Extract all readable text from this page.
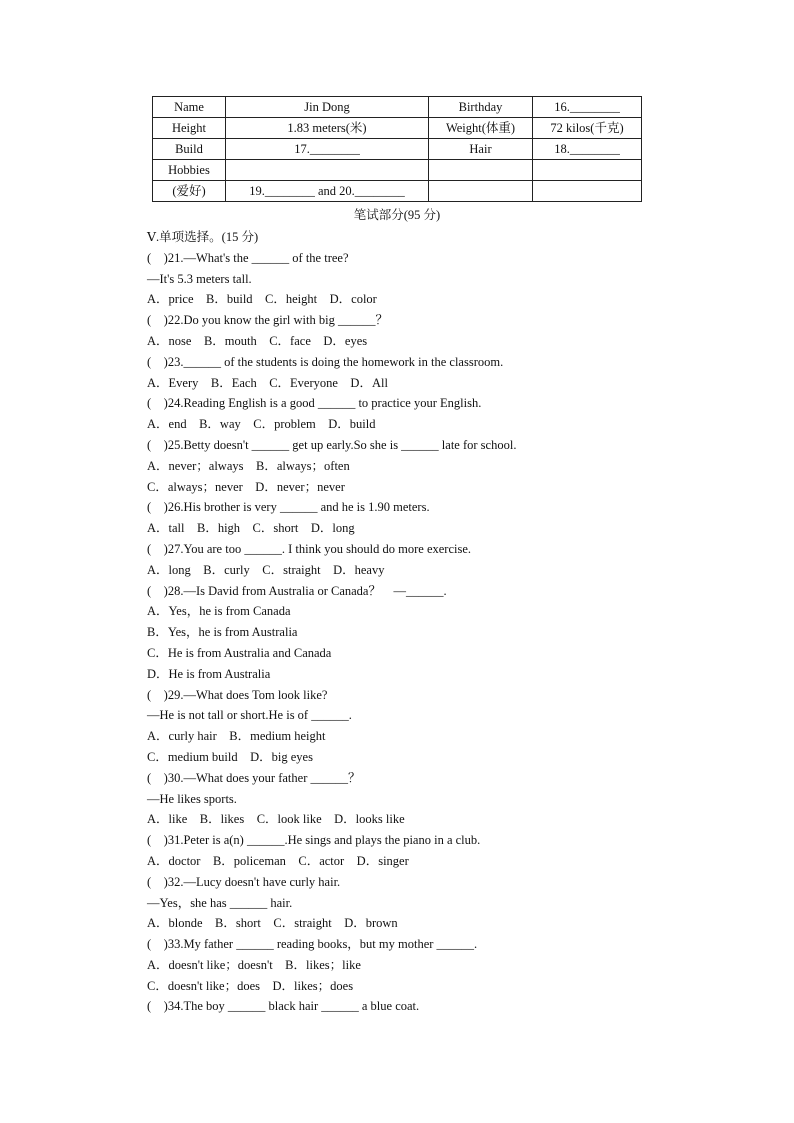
Name	Jin Dong	Birthday	16.________
Height	1.83 meters(米)	Weight(体重)	72 kilos(千克)
Build	17.________	Hair	18.________
Hobbies			
(爱好)	19.________ and 20.________		
笔试部分(95 分)
Ⅴ.单项选择。(15 分)
(　)21.—What's the ______ of the tree?
—It's 5.3 meters tall.
A．price　B．build　C．height　D．color
(　)22.Do you know the girl with big ______？
A．nose　B．mouth　C．face　D．eyes
(　)23.______ of the students is doing the homework in the classroom.
A．Every　B．Each　C．Everyone　D．All
(　)24.Reading English is a good ______ to practice your English.
A．end　B．way　C．problem　D．build
(　)25.Betty doesn't ______ get up early.So she is ______ late for school.
A．never；always　B．always；often
C．always；never　D．never；never
(　)26.His brother is very ______ and he is 1.90 meters.
A．tall　B．high　C．short　D．long
(　)27.You are too ______. I think you should do more exercise.
A．long　B．curly　C．straight　D．heavy
(　)28.—Is David from Australia or Canada？　—______.
A．Yes，he is from Canada
B．Yes，he is from Australia
C．He is from Australia and Canada
D．He is from Australia
(　)29.—What does Tom look like?
—He is not tall or short.He is of ______.
A．curly hair　B．medium height
C．medium build　D．big eyes
(　)30.—What does your father ______？
—He likes sports.
A．like　B．likes　C．look like　D．looks like
(　)31.Peter is a(n) ______.He sings and plays the piano in a club.
A．doctor　B．policeman　C．actor　D．singer
(　)32.—Lucy doesn't have curly hair.
—Yes，she has ______ hair.
A．blonde　B．short　C．straight　D．brown
(　)33.My father ______ reading books，but my mother ______.
A．doesn't like；doesn't　B．likes；like
C．doesn't like；does　D．likes；does
(　)34.The boy ______ black hair ______ a blue coat.
